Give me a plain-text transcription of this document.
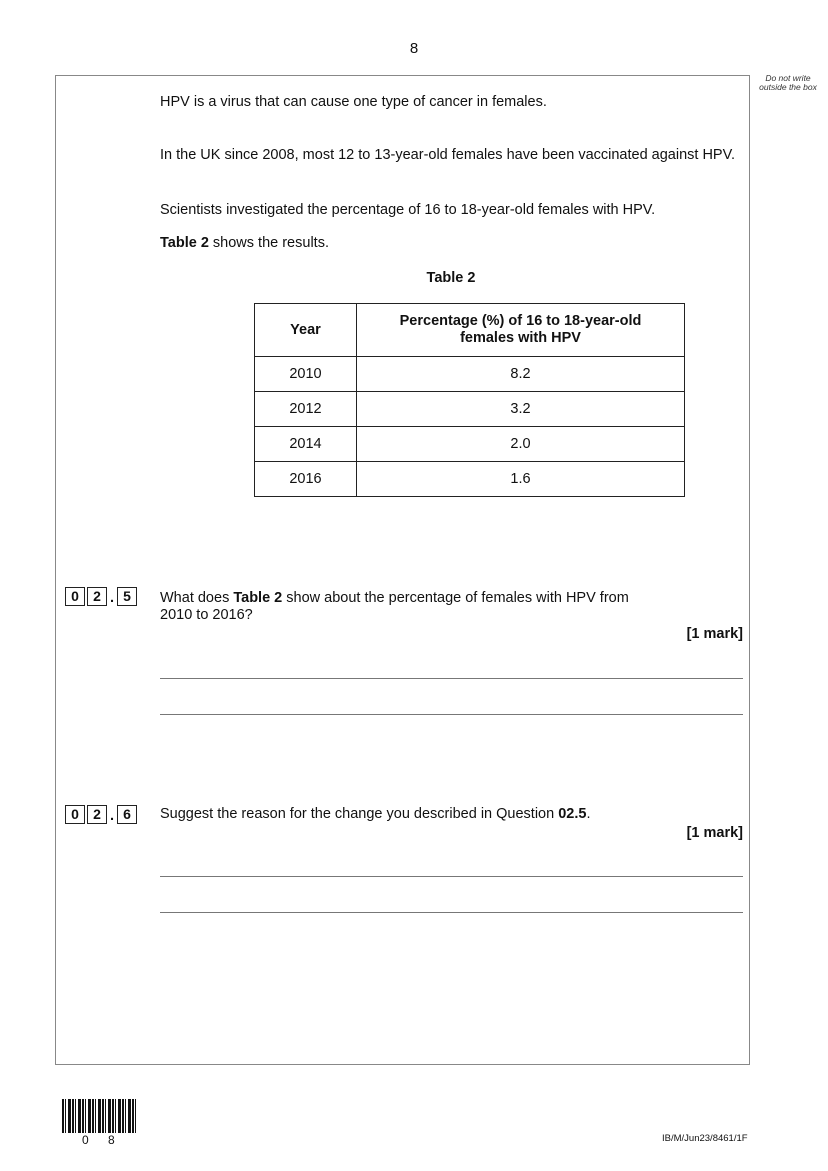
8
Do not write outside the box
HPV is a virus that can cause one type of cancer in females.
In the UK since 2008, most 12 to 13-year-old females have been vaccinated against HPV.
Scientists investigated the percentage of 16 to 18-year-old females with HPV.
Table 2 shows the results.
Table 2
Year	Percentage (%) of 16 to 18-year-old females with HPV
2010	8.2
2012	3.2
2014	2.0
2016	1.6
0	2 . 5	What does Table 2 show about the percentage of females with HPV from 2010 to 2016?
[1 mark]
0	2 . 6	Suggest the reason for the change you described in Question 02.5.
[1 mark]
0 8	IB/M/Jun23/8461/1F
